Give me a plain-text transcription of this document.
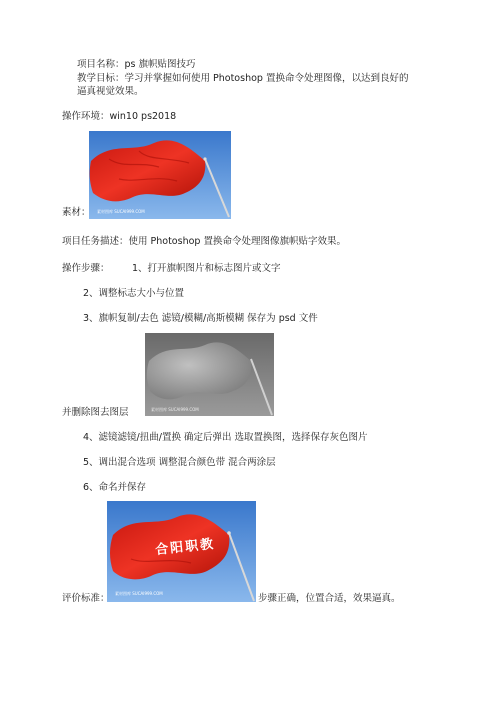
项目名称：ps 旗帜贴图技巧
教学目标：学习并掌握如何使用 Photoshop 置换命令处理图像，以达到良好的
逼真视觉效果。
操作环境：win10 ps2018
素材图库 SUCAI999.COM
素材：
项目任务描述：使用 Photoshop 置换命令处理图像旗帜贴字效果。
操作步骤： 1、打开旗帜图片和标志图片或文字
2、调整标志大小与位置
3、旗帜复制/去色 滤镜/模糊/高斯模糊 保存为 psd 文件
素材图库 SUCAI999.COM
并删除图去图层
4、滤镜滤镜/扭曲/置换 确定后弹出 选取置换图，选择保存灰色图片
5、调出混合选项 调整混合颜色带 混合两涂层
6、命名并保存
合阳职教
素材图库 SUCAI999.COM
评价标准：	步骤正确，位置合适，效果逼真。
